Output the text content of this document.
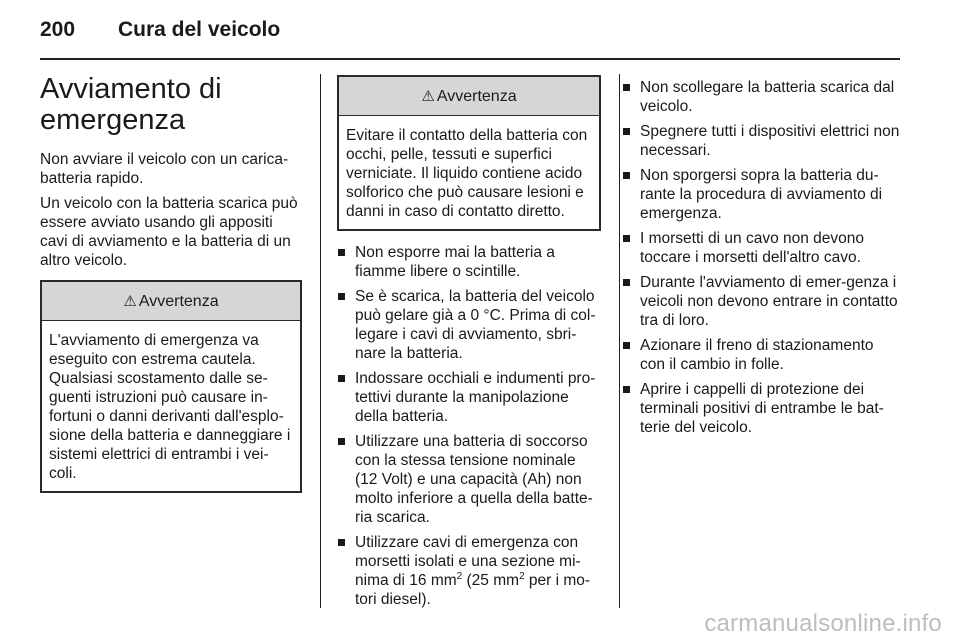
200 Cura del veicolo
Avviamento di emergenza

Non avviare il veicolo con un carica-batteria rapido.

Un veicolo con la batteria scarica può essere avviato usando gli appositi cavi di avviamento e la batteria di un altro veicolo.

⚠ Avvertenza
L'avviamento di emergenza va eseguito con estrema cautela. Qualsiasi scostamento dalle se-guenti istruzioni può causare in-fortuni o danni derivanti dall'esplo-sione della batteria e danneggiare i sistemi elettrici di entrambi i vei-coli.
⚠ Avvertenza
Evitare il contatto della batteria con occhi, pelle, tessuti e superfici verniciate. Il liquido contiene acido solforico che può causare lesioni e danni in caso di contatto diretto.
Non esporre mai la batteria a fiamme libere o scintille.
Se è scarica, la batteria del veicolo può gelare già a 0 °C. Prima di col-legare i cavi di avviamento, sbri-nare la batteria.
Indossare occhiali e indumenti pro-tettivi durante la manipolazione della batteria.
Utilizzare una batteria di soccorso con la stessa tensione nominale (12 Volt) e una capacità (Ah) non molto inferiore a quella della batte-ria scarica.
Utilizzare cavi di emergenza con morsetti isolati e una sezione mi-nima di 16 $mm^2$ (25 $mm^2$ per i mo-tori diesel).
Non scollegare la batteria scarica dal veicolo.
Spegnere tutti i dispositivi elettrici non necessari.
Non sporgersi sopra la batteria du-rante la procedura di avviamento di emergenza.
I morsetti di un cavo non devono toccare i morsetti dell'altro cavo.
Durante l'avviamento di emer-genza i veicoli non devono entrare in contatto tra di loro.
Azionare il freno di stazionamento con il cambio in folle.
Aprire i cappelli di protezione dei terminali positivi di entrambe le bat-terie del veicolo.
carmanualsonline.info
